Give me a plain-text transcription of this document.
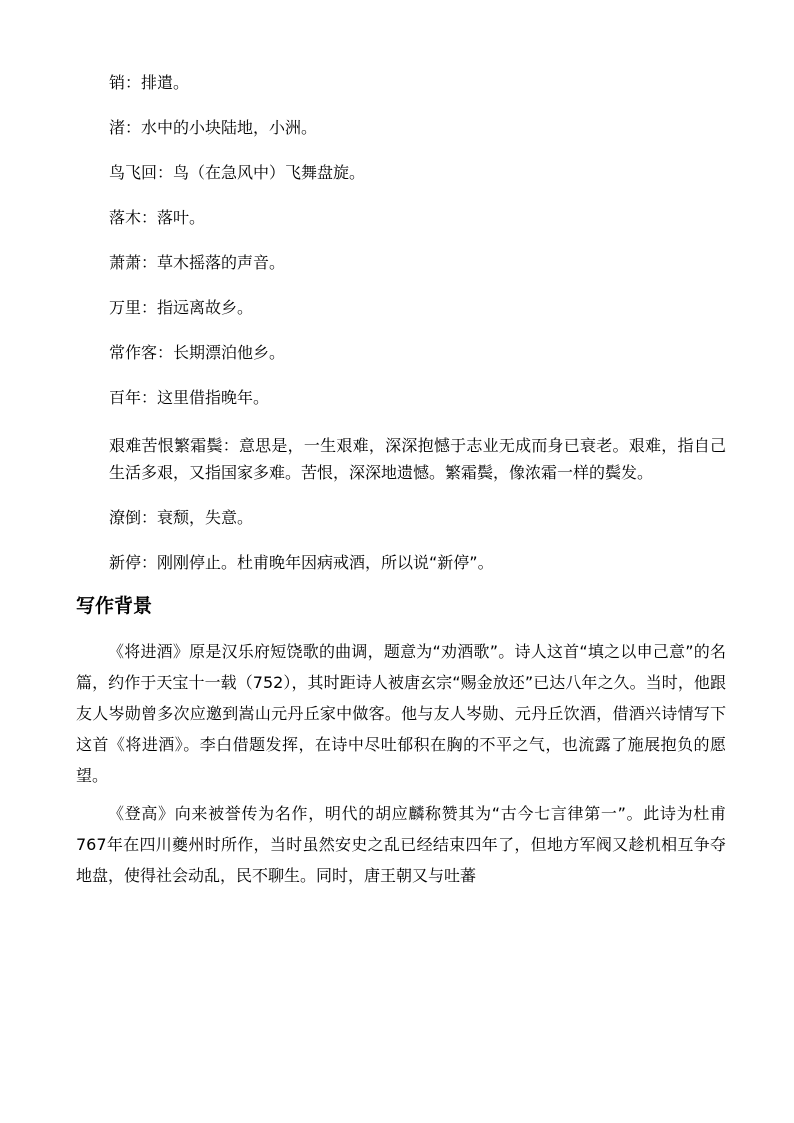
销：排遣。

渚：水中的小块陆地，小洲。

鸟飞回：鸟（在急风中）飞舞盘旋。

落木：落叶。

萧萧：草木摇落的声音。

万里：指远离故乡。

常作客：长期漂泊他乡。

百年：这里借指晚年。

艰难苦恨繁霜鬓：意思是，一生艰难，深深抱憾于志业无成而身已衰老。艰难，指自己生活多艰，又指国家多难。苦恨，深深地遗憾。繁霜鬓，像浓霜一样的鬓发。

潦倒：衰颓，失意。

新停：刚刚停止。杜甫晚年因病戒酒，所以说“新停”。

写作背景

《将进酒》原是汉乐府短饶歌的曲调，题意为“劝酒歌”。诗人这首“填之以申己意”的名篇，约作于天宝十一载（752），其时距诗人被唐玄宗“赐金放还”已达八年之久。当时，他跟友人岑勋曾多次应邀到嵩山元丹丘家中做客。他与友人岑勋、元丹丘饮酒，借酒兴诗情写下这首《将进酒》。李白借题发挥，在诗中尽吐郁积在胸的不平之气，也流露了施展抱负的愿望。

《登高》向来被誉传为名作，明代的胡应麟称赞其为“古今七言律第一”。此诗为杜甫767年在四川夔州时所作，当时虽然安史之乱已经结束四年了，但地方军阀又趁机相互争夺地盘，使得社会动乱，民不聊生。同时，唐王朝又与吐蕃
